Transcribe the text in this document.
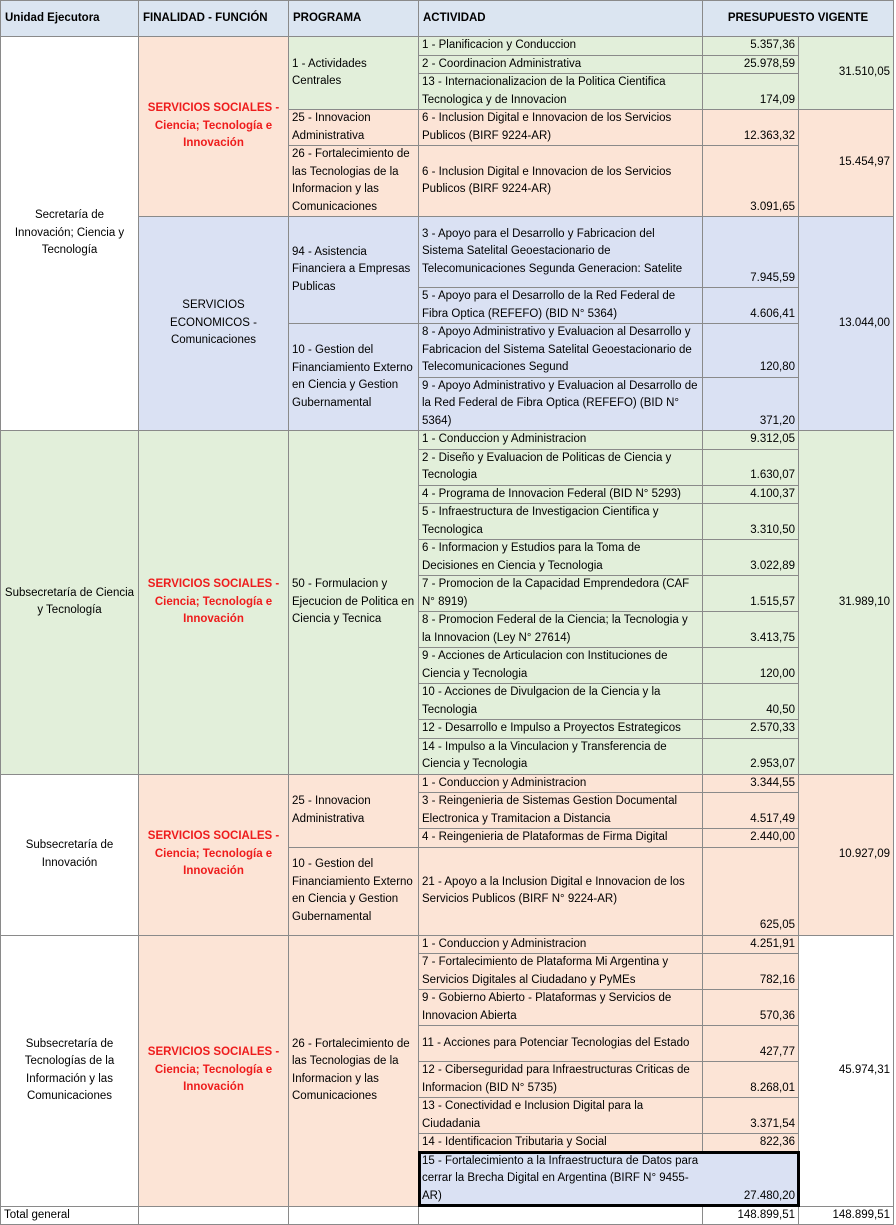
Unidad Ejecutora	FINALIDAD - FUNCIÓN	PROGRAMA	ACTIVIDAD	PRESUPUESTO VIGENTE	
Secretaría de Innovación; Ciencia y Tecnología	SERVICIOS SOCIALES - Ciencia; Tecnología e Innovación	1 - Actividades Centrales	1 - Planificacion y Conduccion	5.357,36	31.510,05
			2 - Coordinacion Administrativa	25.978,59	
			13 - Internacionalizacion de la Politica Cientifica Tecnologica y de Innovacion	174,09	
		25 - Innovacion Administrativa	6 - Inclusion Digital e Innovacion de los Servicios Publicos (BIRF 9224-AR)	12.363,32	15.454,97
		26 - Fortalecimiento de las Tecnologias de la Informacion y las Comunicaciones	6 - Inclusion Digital e Innovacion de los Servicios Publicos (BIRF 9224-AR)	3.091,65	
	SERVICIOS ECONOMICOS - Comunicaciones	94 - Asistencia Financiera a Empresas Publicas	3 - Apoyo para el Desarrollo y Fabricacion del Sistema Satelital Geoestacionario de Telecomunicaciones Segunda Generacion: Satelite	7.945,59	13.044,00
			5 - Apoyo para el Desarrollo de la Red Federal de Fibra Optica (REFEFO) (BID N° 5364)	4.606,41	
		10 - Gestion del Financiamiento Externo en Ciencia y Gestion Gubernamental	8 - Apoyo Administrativo y Evaluacion al Desarrollo y Fabricacion del Sistema Satelital Geoestacionario de Telecomunicaciones Segund	120,80	
			9 - Apoyo Administrativo y Evaluacion al Desarrollo de la Red Federal de Fibra Optica (REFEFO) (BID N° 5364)	371,20	
Subsecretaría de Ciencia y Tecnología	SERVICIOS SOCIALES - Ciencia; Tecnología e Innovación	50 - Formulacion y Ejecucion de Politica en Ciencia y Tecnica	1 - Conduccion y Administracion	9.312,05	31.989,10
			2 - Diseño y Evaluacion de Politicas de Ciencia y Tecnologia	1.630,07	
			4 - Programa de Innovacion Federal (BID N° 5293)	4.100,37	
			5 - Infraestructura de Investigacion Cientifica y Tecnologica	3.310,50	
			6 - Informacion y Estudios para la Toma de Decisiones en Ciencia y Tecnologia	3.022,89	
			7 - Promocion de la Capacidad Emprendedora (CAF N° 8919)	1.515,57	
			8 - Promocion Federal de la Ciencia; la Tecnologia y la Innovacion (Ley N° 27614)	3.413,75	
			9 - Acciones de Articulacion con Instituciones de Ciencia y Tecnologia	120,00	
			10 - Acciones de Divulgacion de la Ciencia y la Tecnologia	40,50	
			12 - Desarrollo e Impulso a Proyectos Estrategicos	2.570,33	
			14 - Impulso a la Vinculacion y Transferencia de Ciencia y Tecnologia	2.953,07	
Subsecretaría de Innovación	SERVICIOS SOCIALES - Ciencia; Tecnología e Innovación	25 - Innovacion Administrativa	1 - Conduccion y Administracion	3.344,55	10.927,09
			3 - Reingenieria de Sistemas Gestion Documental Electronica y Tramitacion a Distancia	4.517,49	
			4 - Reingenieria de Plataformas de Firma Digital	2.440,00	
		10 - Gestion del Financiamiento Externo en Ciencia y Gestion Gubernamental	21 - Apoyo a la Inclusion Digital e Innovacion de los Servicios Publicos (BIRF N° 9224-AR)	625,05	
Subsecretaría de Tecnologías de la Información y las Comunicaciones	SERVICIOS SOCIALES - Ciencia; Tecnología e Innovación	26 - Fortalecimiento de las Tecnologias de la Informacion y las Comunicaciones	1 - Conduccion y Administracion	4.251,91	45.974,31
			7 - Fortalecimiento de Plataforma Mi Argentina y Servicios Digitales al Ciudadano y PyMEs	782,16	
			9 - Gobierno Abierto - Plataformas y Servicios de Innovacion Abierta	570,36	
			11 - Acciones para Potenciar Tecnologias del Estado	427,77	
			12 - Ciberseguridad para Infraestructuras Criticas de Informacion (BID N° 5735)	8.268,01	
			13 - Conectividad e Inclusion Digital para la Ciudadania	3.371,54	
			14 - Identificacion Tributaria y Social	822,36	

			15 - Fortalecimiento a la Infraestructura de Datos para cerrar la Brecha Digital en Argentina (BIRF N° 9455-AR) 27.480,20		

Total general				148.899,51	148.899,51
